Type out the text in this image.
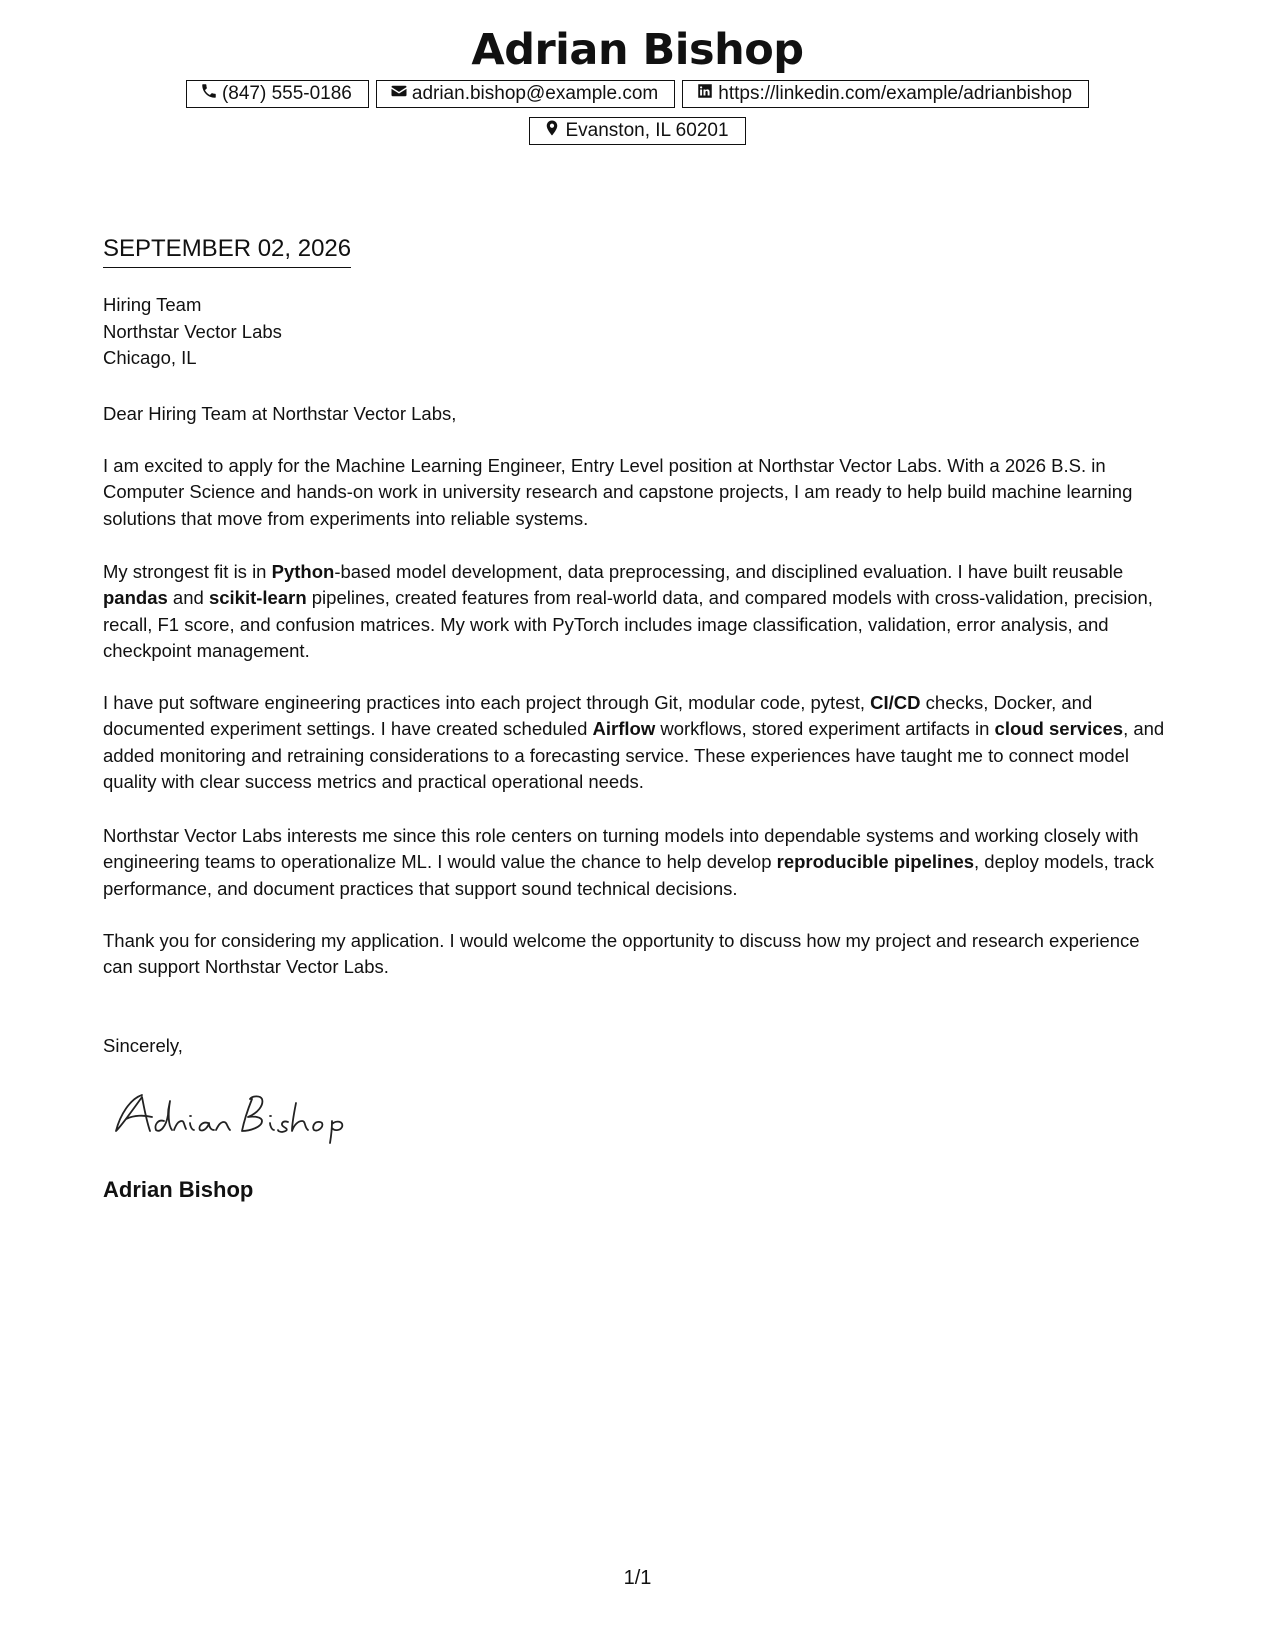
Adrian Bishop
(847) 555-0186	adrian.bishop@example.com	https://linkedin.com/example/adrianbishop
Evanston, IL 60201
SEPTEMBER 02, 2026
Hiring Team
Northstar Vector Labs
Chicago, IL

Dear Hiring Team at Northstar Vector Labs,

I am excited to apply for the Machine Learning Engineer, Entry Level position at Northstar Vector Labs. With a 2026 B.S. in Computer Science and hands-on work in university research and capstone projects, I am ready to help build machine learning solutions that move from experiments into reliable systems.

My strongest fit is in Python-based model development, data preprocessing, and disciplined evaluation. I have built reusable pandas and scikit-learn pipelines, created features from real-world data, and compared models with cross-validation, precision, recall, F1 score, and confusion matrices. My work with PyTorch includes image classification, validation, error analysis, and checkpoint management.

I have put software engineering practices into each project through Git, modular code, pytest, CI/CD checks, Docker, and documented experiment settings. I have created scheduled Airflow workflows, stored experiment artifacts in cloud services, and added monitoring and retraining considerations to a forecasting service. These experiences have taught me to connect model quality with clear success metrics and practical operational needs.

Northstar Vector Labs interests me since this role centers on turning models into dependable systems and working closely with engineering teams to operationalize ML. I would value the chance to help develop reproducible pipelines, deploy models, track performance, and document practices that support sound technical decisions.

Thank you for considering my application. I would welcome the opportunity to discuss how my project and research experience can support Northstar Vector Labs.

Sincerely,
Adrian Bishop
1/1
